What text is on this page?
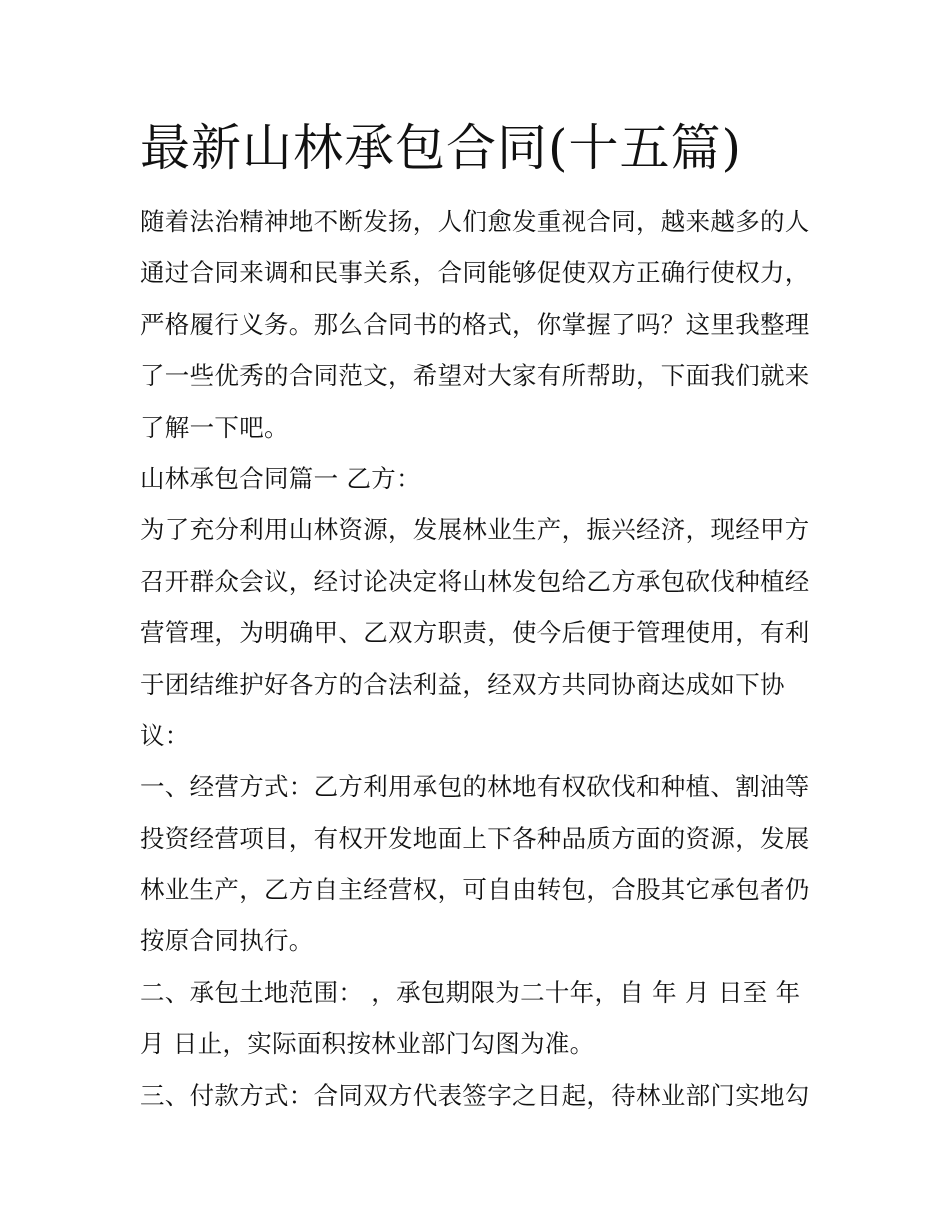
最新山林承包合同(十五篇)
随着法治精神地不断发扬，人们愈发重视合同，越来越多的人
通过合同来调和民事关系，合同能够促使双方正确行使权力，
严格履行义务。那么合同书的格式，你掌握了吗？这里我整理
了一些优秀的合同范文，希望对大家有所帮助，下面我们就来
了解一下吧。
山林承包合同篇一 乙方：
为了充分利用山林资源，发展林业生产，振兴经济，现经甲方
召开群众会议，经讨论决定将山林发包给乙方承包砍伐种植经
营管理，为明确甲、乙双方职责，使今后便于管理使用，有利
于团结维护好各方的合法利益，经双方共同协商达成如下协
议：
一、经营方式：乙方利用承包的林地有权砍伐和种植、割油等
投资经营项目，有权开发地面上下各种品质方面的资源，发展
林业生产，乙方自主经营权，可自由转包，合股其它承包者仍
按原合同执行。
二、承包土地范围： ，承包期限为二十年，自 年 月 日至 年
月 日止，实际面积按林业部门勾图为准。
三、付款方式：合同双方代表签字之日起，待林业部门实地勾
